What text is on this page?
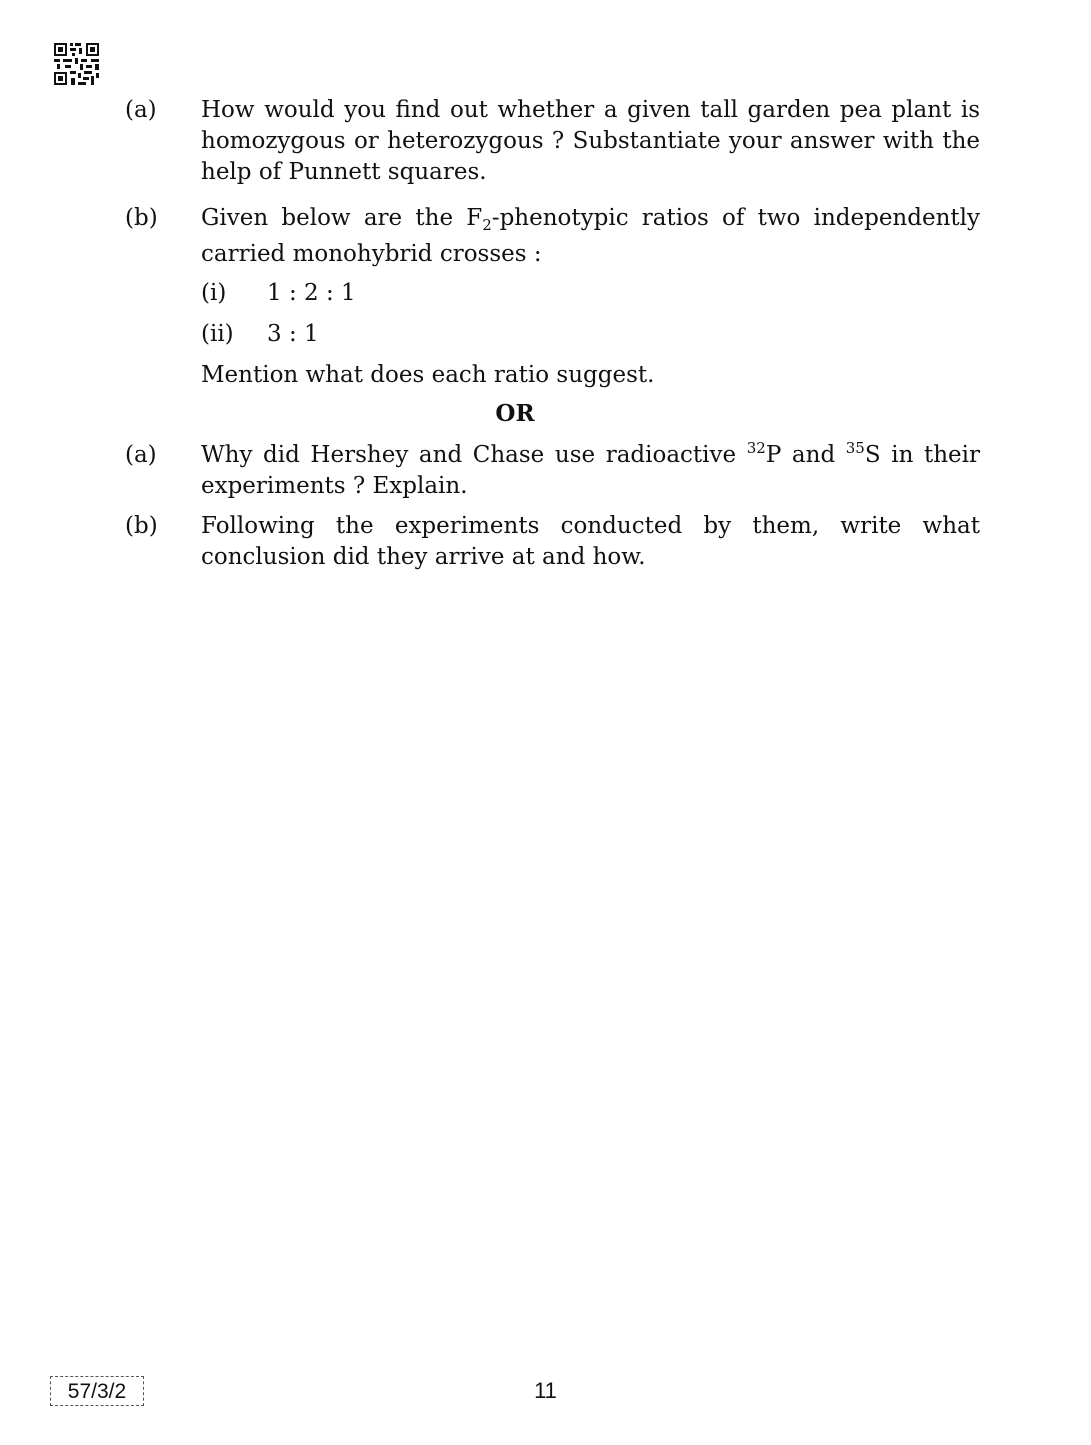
(a)	How would you find out whether a given tall garden pea plant is homozygous or heterozygous ? Substantiate your answer with the help of Punnett squares.
(b)	Given below are the $F_2$-phenotypic ratios of two independently carried monohybrid crosses :
(i)	1 : 2 : 1
(ii)	3 : 1
Mention what does each ratio suggest.
OR
(a)	Why did Hershey and Chase use radioactive $^{32}$P and $^{35}$S in their experiments ? Explain.
(b)	Following the experiments conducted by them, write what conclusion did they arrive at and how.
57/3/2	11
